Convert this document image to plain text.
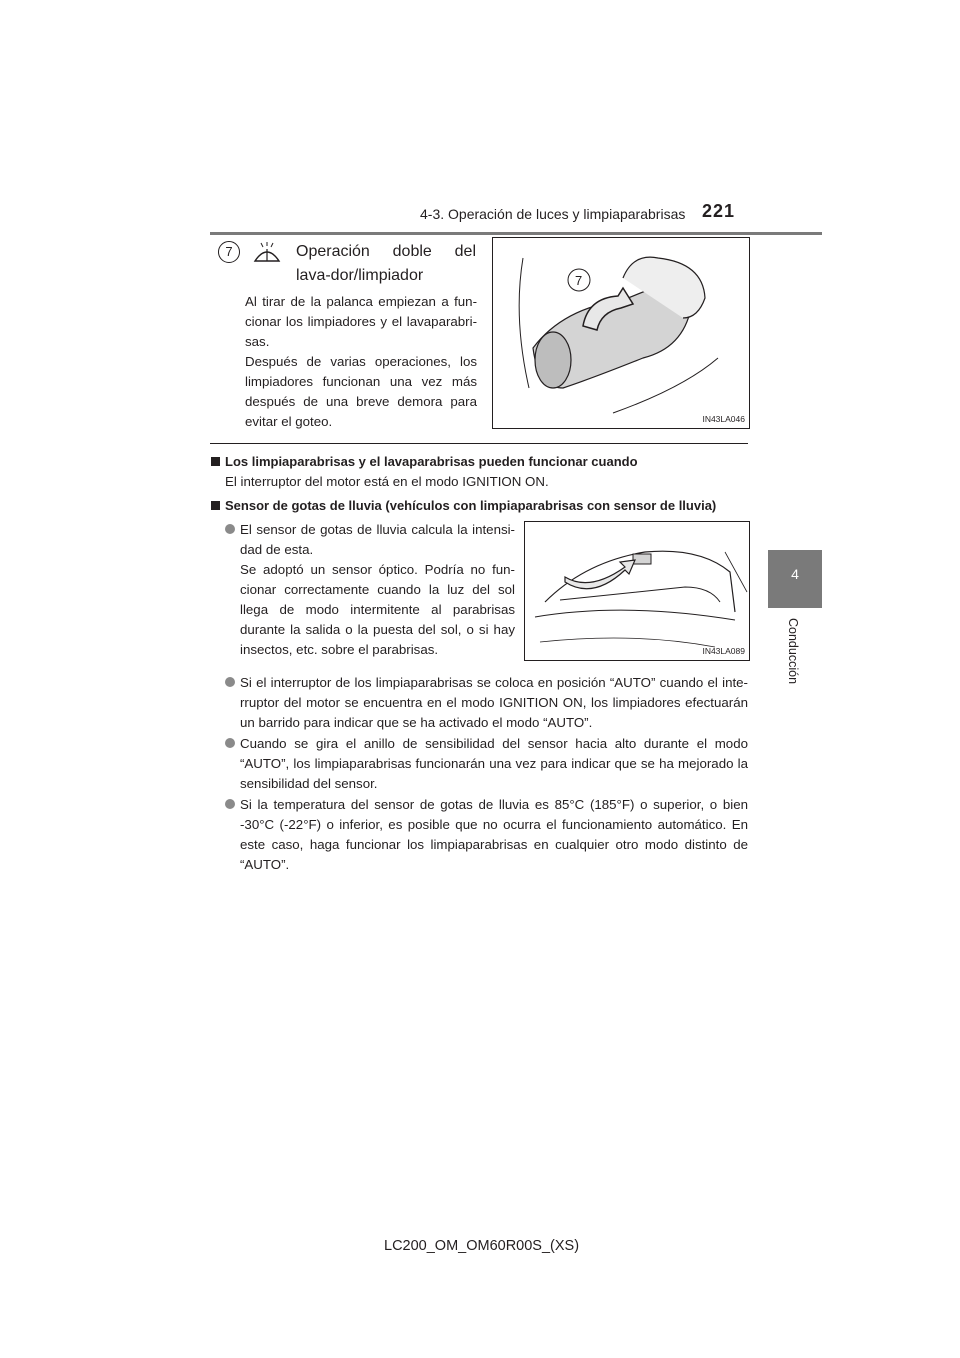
4-3. Operación de luces y limpiaparabrisas 221
4
Conducción
7	Operación doble del lava-dor/limpiador
Al tirar de la palanca empiezan a fun-cionar los limpiadores y el lavaparabri-sas.
Después de varias operaciones, los limpiadores funcionan una vez más después de una breve demora para evitar el goteo.
7
IN43LA046
Los limpiaparabrisas y el lavaparabrisas pueden funcionar cuando
El interruptor del motor está en el modo IGNITION ON.
Sensor de gotas de lluvia (vehículos con limpiaparabrisas con sensor de lluvia)
El sensor de gotas de lluvia calcula la intensi-dad de esta.
Se adoptó un sensor óptico. Podría no fun-cionar correctamente cuando la luz del sol llega de modo intermitente al parabrisas durante la salida o la puesta del sol, o si hay insectos, etc. sobre el parabrisas.	IN43LA089
Si el interruptor de los limpiaparabrisas se coloca en posición “AUTO” cuando el inte-rruptor del motor se encuentra en el modo IGNITION ON, los limpiadores efectuarán un barrido para indicar que se ha activado el modo “AUTO”.
Cuando se gira el anillo de sensibilidad del sensor hacia alto durante el modo “AUTO”, los limpiaparabrisas funcionarán una vez para indicar que se ha mejorado la sensibilidad del sensor.
Si la temperatura del sensor de gotas de lluvia es 85°C (185°F) o superior, o bien -30°C (-22°F) o inferior, es posible que no ocurra el funcionamiento automático. En este caso, haga funcionar los limpiaparabrisas en cualquier otro modo distinto de “AUTO”.
LC200_OM_OM60R00S_(XS)
